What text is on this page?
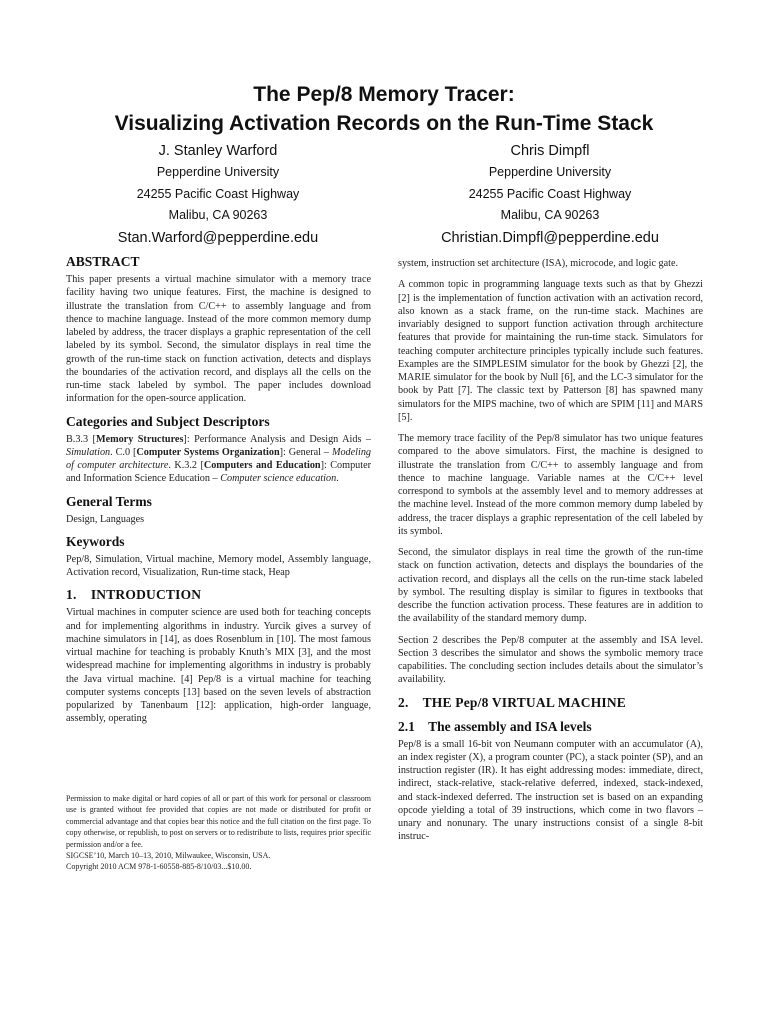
The Pep/8 Memory Tracer:
Visualizing Activation Records on the Run-Time Stack
J. Stanley Warford
Pepperdine University
24255 Pacific Coast Highway
Malibu, CA 90263
Stan.Warford@pepperdine.edu
Chris Dimpfl
Pepperdine University
24255 Pacific Coast Highway
Malibu, CA 90263
Christian.Dimpfl@pepperdine.edu
ABSTRACT

This paper presents a virtual machine simulator with a memory trace facility having two unique features. First, the machine is designed to illustrate the translation from C/C++ to assembly language and from thence to machine language. Instead of the more common memory dump labeled by address, the tracer displays a graphic representation of the cell labeled by its symbol. Second, the simulator displays in real time the growth of the run-time stack on function activation, detects and displays the boundaries of the activation record, and displays all the cells on the run-time stack labeled by symbol. The paper includes download information for the open-source application.

Categories and Subject Descriptors

B.3.3 [Memory Structures]: Performance Analysis and Design Aids – Simulation. C.0 [Computer Systems Organization]: General – Modeling of computer architecture. K.3.2 [Computers and Education]: Computer and Information Science Education – Computer science education.

General Terms

Design, Languages

Keywords

Pep/8, Simulation, Virtual machine, Memory model, Assembly language, Activation record, Visualization, Run-time stack, Heap

1.    INTRODUCTION

Virtual machines in computer science are used both for teaching concepts and for implementing algorithms in industry. Yurcik gives a survey of machine simulators in [14], as does Rosenblum in [10]. The most famous virtual machine for teaching is probably Knuth’s MIX [3], and the most widespread machine for implementing algorithms in industry is probably the Java virtual machine. [4] Pep/8 is a virtual machine for teaching computer systems concepts [13] based on the seven levels of abstraction popularized by Tanenbaum [12]: application, high-order language, assembly, operating

Permission to make digital or hard copies of all or part of this work for personal or classroom use is granted without fee provided that copies are not made or distributed for profit or commercial advantage and that copies bear this notice and the full citation on the first page. To copy otherwise, or republish, to post on servers or to redistribute to lists, requires prior specific permission and/or a fee.
SIGCSE’10, March 10–13, 2010, Milwaukee, Wisconsin, USA.
Copyright 2010 ACM 978-1-60558-885-8/10/03...$10.00.

system, instruction set architecture (ISA), microcode, and logic gate.

A common topic in programming language texts such as that by Ghezzi [2] is the implementation of function activation with an activation record, also known as a stack frame, on the run-time stack. Machines are invariably designed to support function activation through architecture features that provide for maintaining the run-time stack. Simulators for teaching computer architecture principles typically include such features. Examples are the SIMPLESIM simulator for the book by Ghezzi [2], the MARIE simulator for the book by Null [6], and the LC-3 simulator for the book by Patt [7]. The classic text by Patterson [8] has spawned many simulators for the MIPS machine, two of which are SPIM [11] and MARS [5].

The memory trace facility of the Pep/8 simulator has two unique features compared to the above simulators. First, the machine is designed to illustrate the translation from C/C++ to assembly language and from thence to machine language. Variable names at the C/C++ level correspond to symbols at the assembly level and to memory addresses at the machine level. Instead of the more common memory dump labeled by address, the tracer displays a graphic representation of the cell labeled by its symbol.

Second, the simulator displays in real time the growth of the run-time stack on function activation, detects and displays the boundaries of the activation record, and displays all the cells on the run-time stack labeled by symbol. The resulting display is similar to figures in textbooks that describe the function activation process. These features are in addition to the availability of the standard memory dump.

Section 2 describes the Pep/8 computer at the assembly and ISA level. Section 3 describes the simulator and shows the symbolic memory trace capabilities. The concluding section includes details about the simulator’s availability.

2.    THE Pep/8 VIRTUAL MACHINE
2.1    The assembly and ISA levels

Pep/8 is a small 16-bit von Neumann computer with an accumulator (A), an index register (X), a program counter (PC), a stack pointer (SP), and an instruction register (IR). It has eight addressing modes: immediate, direct, indirect, stack-relative, stack-relative deferred, indexed, stack-indexed, and stack-indexed deferred. The instruction set is based on an expanding opcode yielding a total of 39 instructions, which come in two flavors – unary and nonunary. The unary instructions consist of a single 8-bit instruc-
